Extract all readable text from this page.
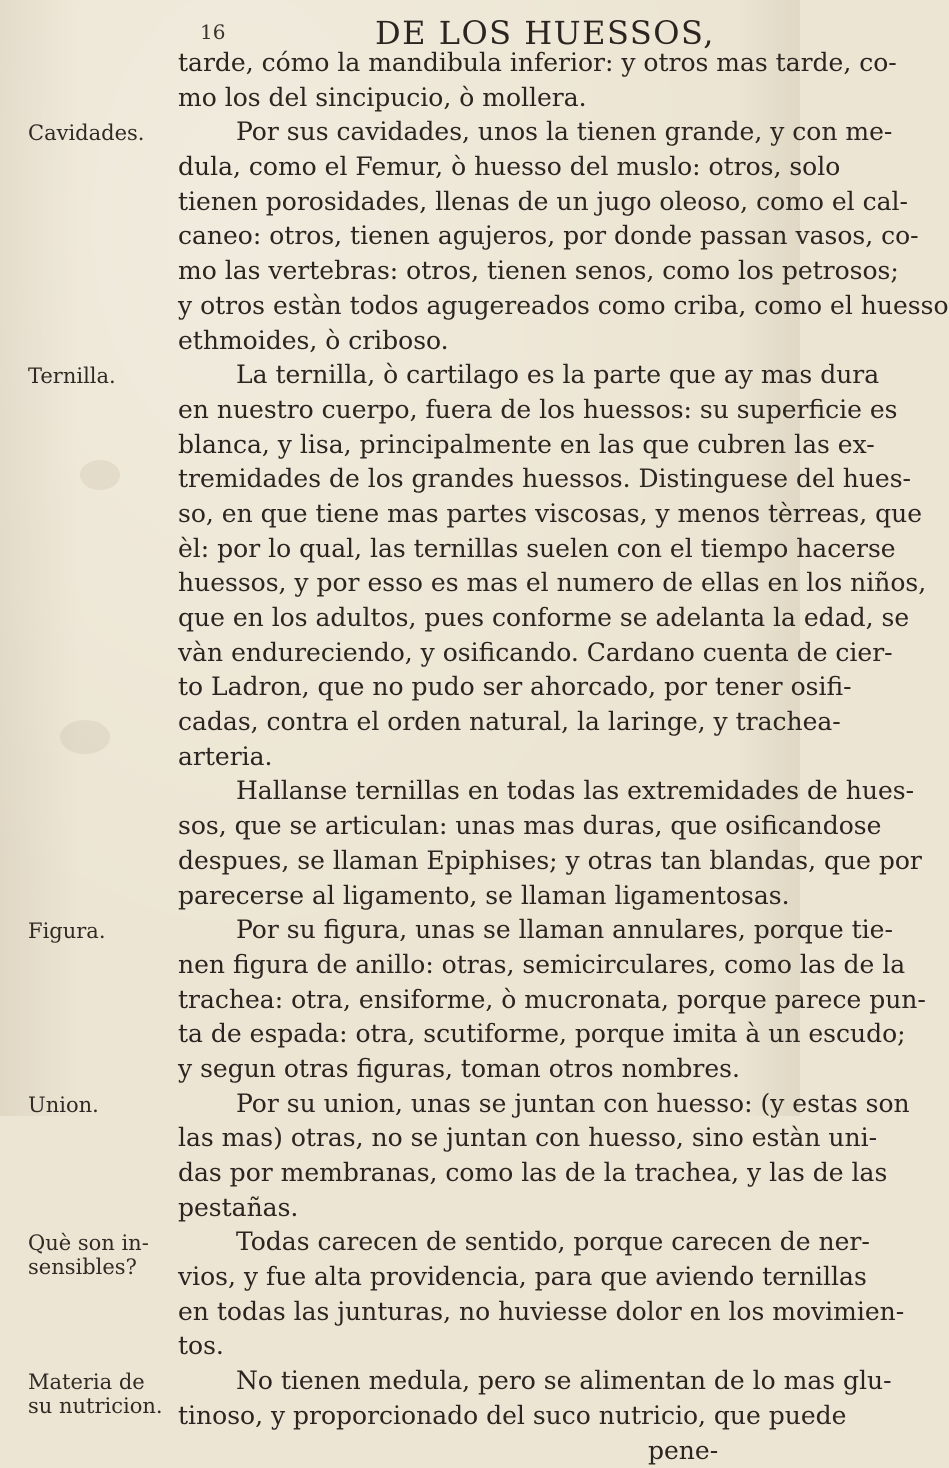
16	DE LOS HUESSOS,
Cavidades.
Ternilla.
Figura.
Union.
Què son in-
sensibles?
Materia de
su nutricion.
tarde, cómo la mandibula inferior: y otros mas tarde, co-
mo los del sincipucio, ò mollera.
Por sus cavidades, unos la tienen grande, y con me-
dula, como el Femur, ò huesso del muslo: otros, solo
tienen porosidades, llenas de un jugo oleoso, como el cal-
caneo: otros, tienen agujeros, por donde passan vasos, co-
mo las vertebras: otros, tienen senos, como los petrosos;
y otros estàn todos agugereados como criba, como el huesso
ethmoides, ò criboso.
La ternilla, ò cartilago es la parte que ay mas dura
en nuestro cuerpo, fuera de los huessos: su superficie es
blanca, y lisa, principalmente en las que cubren las ex-
tremidades de los grandes huessos. Distinguese del hues-
so, en que tiene mas partes viscosas, y menos tèrreas, que
èl: por lo qual, las ternillas suelen con el tiempo hacerse
huessos, y por esso es mas el numero de ellas en los niños,
que en los adultos, pues conforme se adelanta la edad, se
vàn endureciendo, y osificando. Cardano cuenta de cier-
to Ladron, que no pudo ser ahorcado, por tener osifi-
cadas, contra el orden natural, la laringe, y trachea-
arteria.
Hallanse ternillas en todas las extremidades de hues-
sos, que se articulan: unas mas duras, que osificandose
despues, se llaman Epiphises; y otras tan blandas, que por
parecerse al ligamento, se llaman ligamentosas.
Por su figura, unas se llaman annulares, porque tie-
nen figura de anillo: otras, semicirculares, como las de la
trachea: otra, ensiforme, ò mucronata, porque parece pun-
ta de espada: otra, scutiforme, porque imita à un escudo;
y segun otras figuras, toman otros nombres.
Por su union, unas se juntan con huesso: (y estas son
las mas) otras, no se juntan con huesso, sino estàn uni-
das por membranas, como las de la trachea, y las de las
pestañas.
Todas carecen de sentido, porque carecen de ner-
vios, y fue alta providencia, para que aviendo ternillas
en todas las junturas, no huviesse dolor en los movimien-
tos.
No tienen medula, pero se alimentan de lo mas glu-
tinoso, y proporcionado del suco nutricio, que puede
pene-
